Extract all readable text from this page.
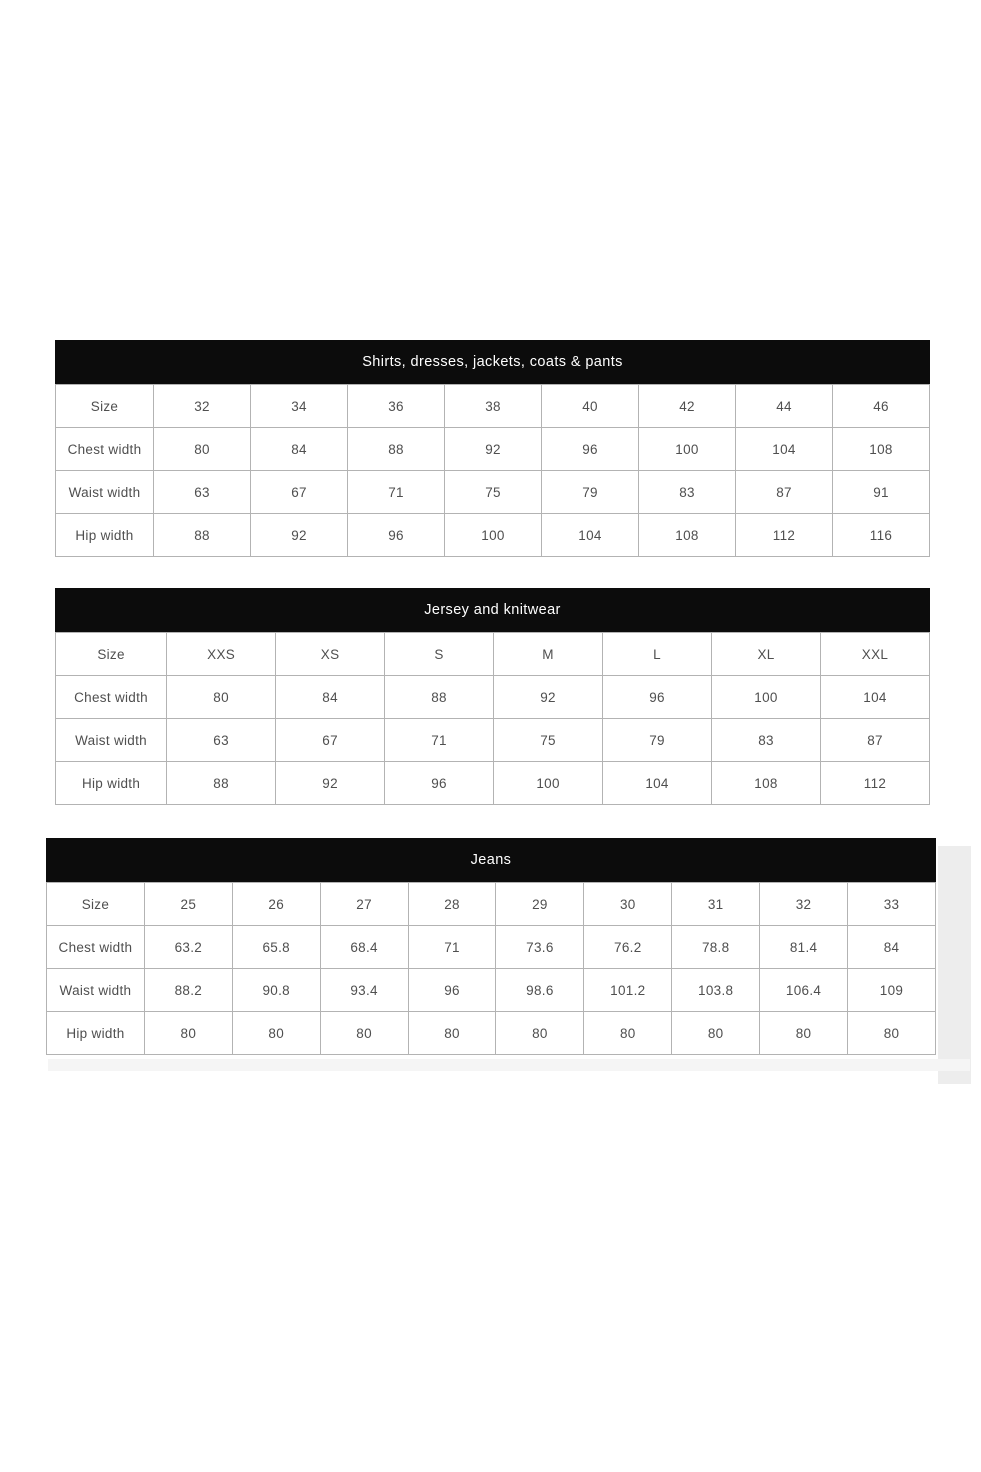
Shirts, dresses, jackets, coats & pants
Size	32	34	36	38	40	42	44	46
Chest width	80	84	88	92	96	100	104	108
Waist width	63	67	71	75	79	83	87	91
Hip width	88	92	96	100	104	108	112	116
Jersey and knitwear
Size	XXS	XS	S	M	L	XL	XXL
Chest width	80	84	88	92	96	100	104
Waist width	63	67	71	75	79	83	87
Hip width	88	92	96	100	104	108	112
Jeans
Size	25	26	27	28	29	30	31	32	33
Chest width	63.2	65.8	68.4	71	73.6	76.2	78.8	81.4	84
Waist width	88.2	90.8	93.4	96	98.6	101.2	103.8	106.4	109
Hip width	80	80	80	80	80	80	80	80	80
